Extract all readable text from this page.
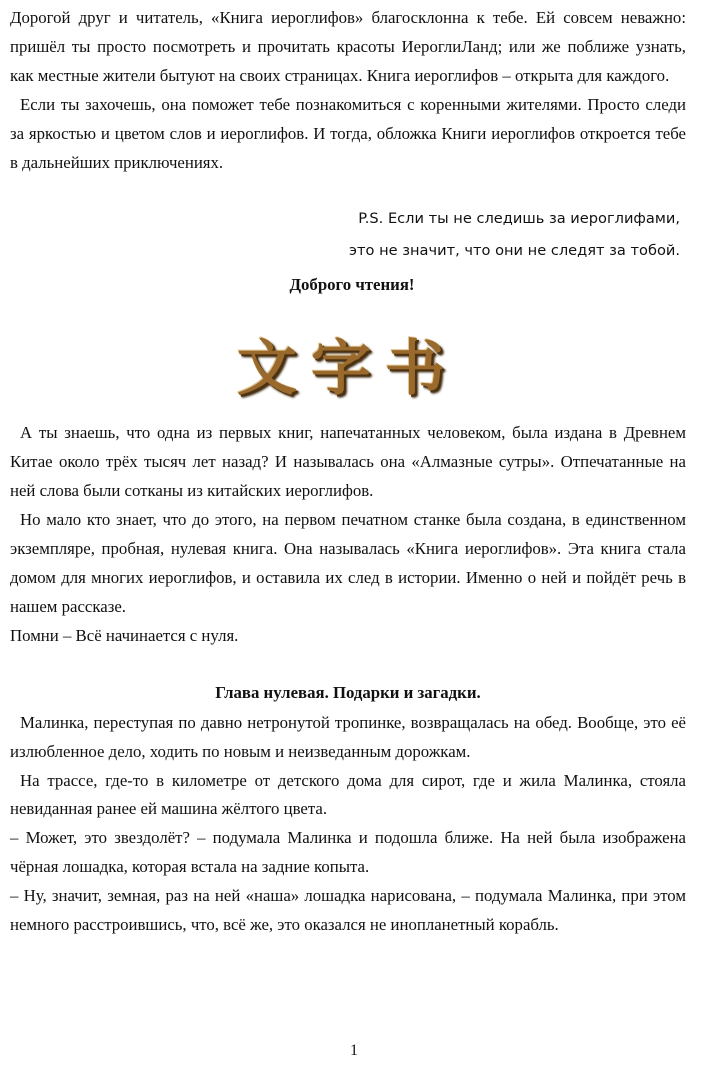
Дорогой друг и читатель, «Книга иероглифов» благосклонна к тебе. Ей совсем неважно: пришёл ты просто посмотреть и прочитать красоты ИероглиЛанд; или же поближе узнать, как местные жители бытуют на своих страницах. Книга иероглифов – открыта для каждого.

Если ты захочешь, она поможет тебе познакомиться с коренными жителями. Просто следи за яркостью и цветом слов и иероглифов. И тогда, обложка Книги иероглифов откроется тебе в дальнейших приключениях.

P.S. Если ты не следишь за иероглифами,
это не значит, что они не следят за тобой.

Доброго чтения!

文字书

А ты знаешь, что одна из первых книг, напечатанных человеком, была издана в Древнем Китае около трёх тысяч лет назад? И называлась она «Алмазные сутры». Отпечатанные на ней слова были сотканы из китайских иероглифов.

Но мало кто знает, что до этого, на первом печатном станке была создана, в единственном экземпляре, пробная, нулевая книга. Она называлась «Книга иероглифов». Эта книга стала домом для многих иероглифов, и оставила их след в истории. Именно о ней и пойдёт речь в нашем рассказе.

Помни – Всё начинается с нуля.

Глава нулевая. Подарки и загадки.

Малинка, переступая по давно нетронутой тропинке, возвращалась на обед. Вообще, это её излюбленное дело, ходить по новым и неизведанным дорожкам.

На трассе, где-то в километре от детского дома для сирот, где и жила Малинка, стояла невиданная ранее ей машина жёлтого цвета.

– Может, это звездолёт? – подумала Малинка и подошла ближе. На ней была изображена чёрная лошадка, которая встала на задние копыта.

– Ну, значит, земная, раз на ней «наша» лошадка нарисована, – подумала Малинка, при этом немного расстроившись, что, всё же, это оказался не инопланетный корабль.

1
